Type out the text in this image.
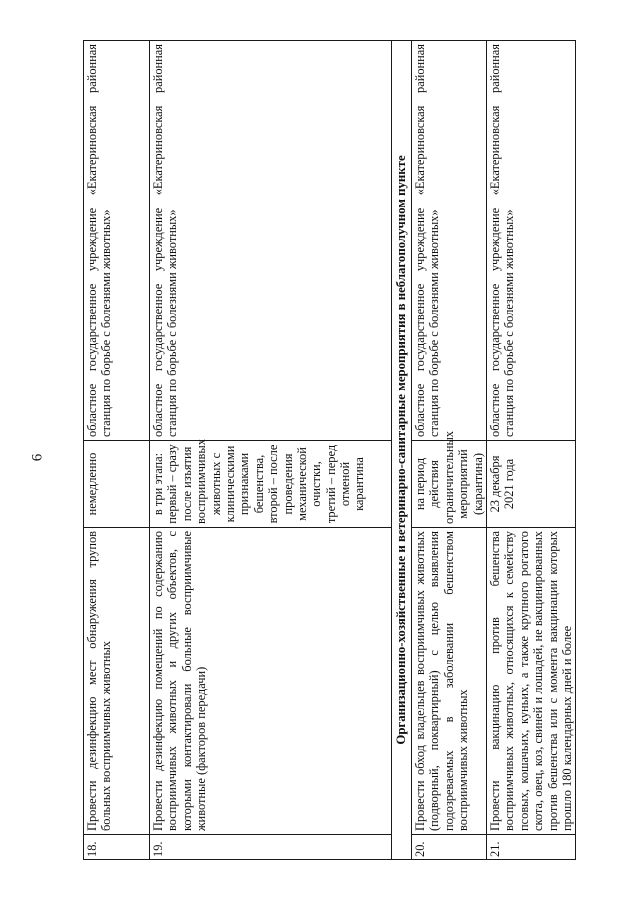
6
18.	Провести дезинфекцию мест обнаружения трупов больных восприимчивых животных	немедленно	областное государственное учреждение «Екатериновская районная станция по борьбе с болезнями животных»
19.	Провести дезинфекцию помещений по содержанию восприимчивых животных и других объектов, с которыми контактировали больные восприимчивые животные (факторов передачи)	в три этапа: первый – сразу после изъятия восприимчивых животных с клиническими признаками бешенства, второй – после проведения механической очистки, третий – перед отменой карантина	областное государственное учреждение «Екатериновская районная станция по борьбе с болезнями животных»
Организационно-хозяйственные и ветеринарно-санитарные мероприятия в неблагополучном пункте			
20.	Провести обход владельцев восприимчивых животных (подворный, поквартирный) с целью выявления подозреваемых в заболевании бешенством восприимчивых животных	на период действия ограничительных мероприятий (карантина)	областное государственное учреждение «Екатериновская районная станция по борьбе с болезнями животных»
21.	Провести вакцинацию против бешенства восприимчивых животных, относящихся к семейству псовых, кошачьих, куньих, а также крупного рогатого скота, овец, коз, свиней и лошадей, не вакцинированных против бешенства или с момента вакцинации которых прошло 180 календарных дней и более	23 декабря 2021 года	областное государственное учреждение «Екатериновская районная станция по борьбе с болезнями животных»
